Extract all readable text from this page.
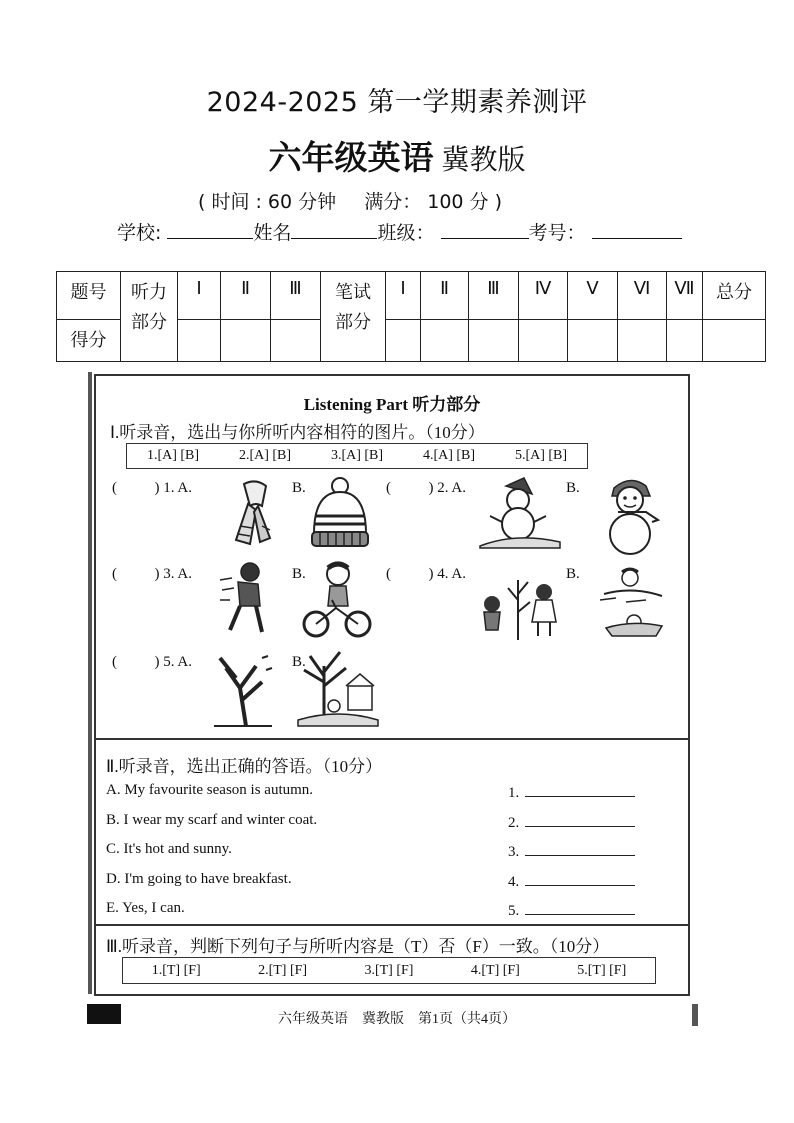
2024-2025 第一学期素养测评
六年级英语 冀教版
( 时间 : 60 分钟 满分： 100 分 )
学校:	姓名	班级：	考号：
题号	听力部分	I	Ⅱ	Ⅲ	笔试部分	I	Ⅱ	Ⅲ	Ⅳ	V	Ⅵ	Ⅶ	总分
得分													
Listening Part 听力部分
Ⅰ.听录音，选出与你所听内容相符的图片。（10分）
1.[A] [B]	2.[A] [B]	3.[A] [B]	4.[A] [B]	5.[A] [B]
(          ) 1. A.	B.	(          ) 2. A.	B.
(          ) 3. A.	B.	(          ) 4. A.	B.
(          ) 5. A.	B.
Ⅱ.听录音，选出正确的答语。（10分）
A. My favourite season is autumn.
B. I wear my scarf and winter coat.
C. It's hot and sunny.
D. I'm going to have breakfast.
E. Yes, I can.
1.
2.
3.
4.
5.
Ⅲ.听录音，判断下列句子与所听内容是（T）否（F）一致。（10分）
1.[T] [F]	2.[T] [F]	3.[T] [F]	4.[T] [F]	5.[T] [F]
六年级英语    冀教版    第1页（共4页）
